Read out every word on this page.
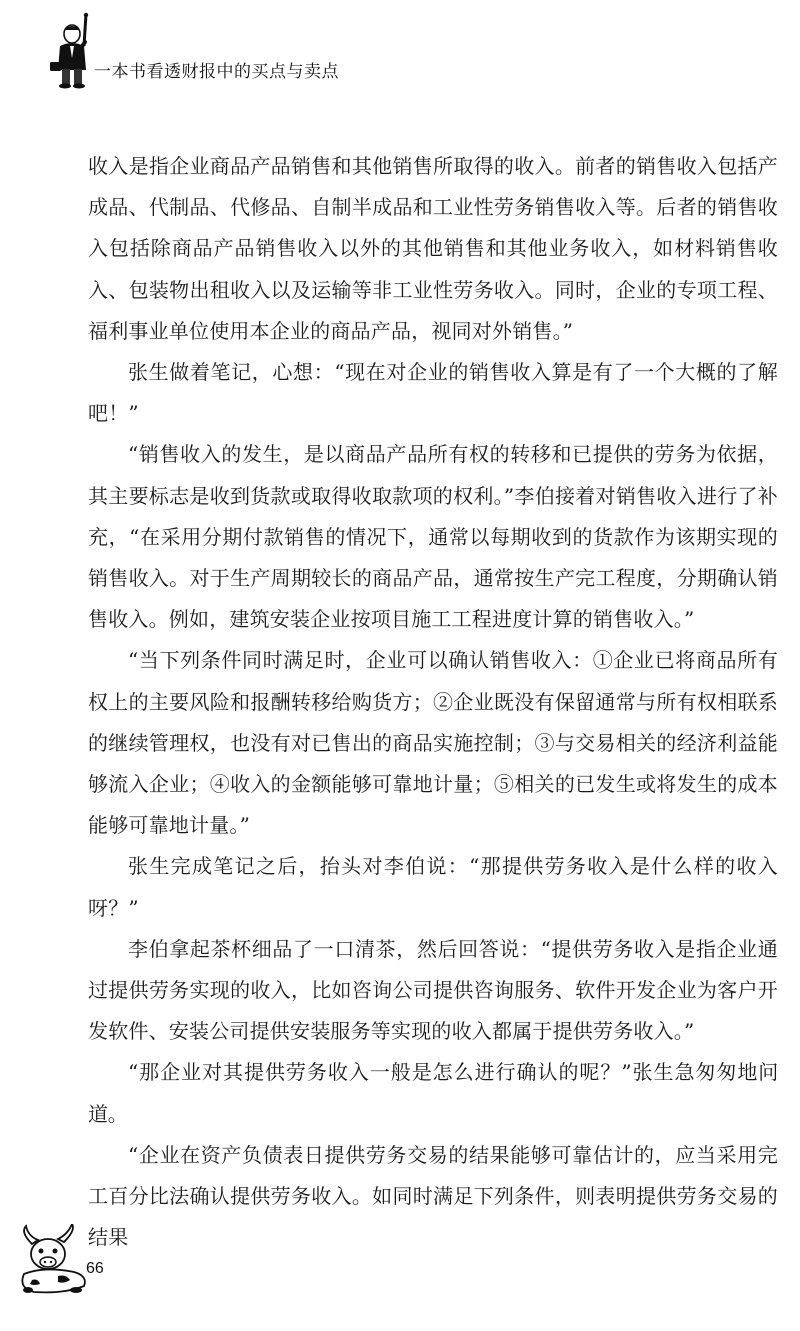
一本书看透财报中的买点与卖点

收入是指企业商品产品销售和其他销售所取得的收入。前者的销售收入包括产成品、代制品、代修品、自制半成品和工业性劳务销售收入等。后者的销售收入包括除商品产品销售收入以外的其他销售和其他业务收入，如材料销售收入、包装物出租收入以及运输等非工业性劳务收入。同时，企业的专项工程、福利事业单位使用本企业的商品产品，视同对外销售。”

张生做着笔记，心想：“现在对企业的销售收入算是有了一个大概的了解吧！”

“销售收入的发生，是以商品产品所有权的转移和已提供的劳务为依据，其主要标志是收到货款或取得收取款项的权利。”李伯接着对销售收入进行了补充，“在采用分期付款销售的情况下，通常以每期收到的货款作为该期实现的销售收入。对于生产周期较长的商品产品，通常按生产完工程度，分期确认销售收入。例如，建筑安装企业按项目施工工程进度计算的销售收入。”

“当下列条件同时满足时，企业可以确认销售收入：①企业已将商品所有权上的主要风险和报酬转移给购货方；②企业既没有保留通常与所有权相联系的继续管理权，也没有对已售出的商品实施控制；③与交易相关的经济利益能够流入企业；④收入的金额能够可靠地计量；⑤相关的已发生或将发生的成本能够可靠地计量。”

张生完成笔记之后，抬头对李伯说：“那提供劳务收入是什么样的收入呀？”

李伯拿起茶杯细品了一口清茶，然后回答说：“提供劳务收入是指企业通过提供劳务实现的收入，比如咨询公司提供咨询服务、软件开发企业为客户开发软件、安装公司提供安装服务等实现的收入都属于提供劳务收入。”

“那企业对其提供劳务收入一般是怎么进行确认的呢？”张生急匆匆地问道。

“企业在资产负债表日提供劳务交易的结果能够可靠估计的，应当采用完工百分比法确认提供劳务收入。如同时满足下列条件，则表明提供劳务交易的结果

66
